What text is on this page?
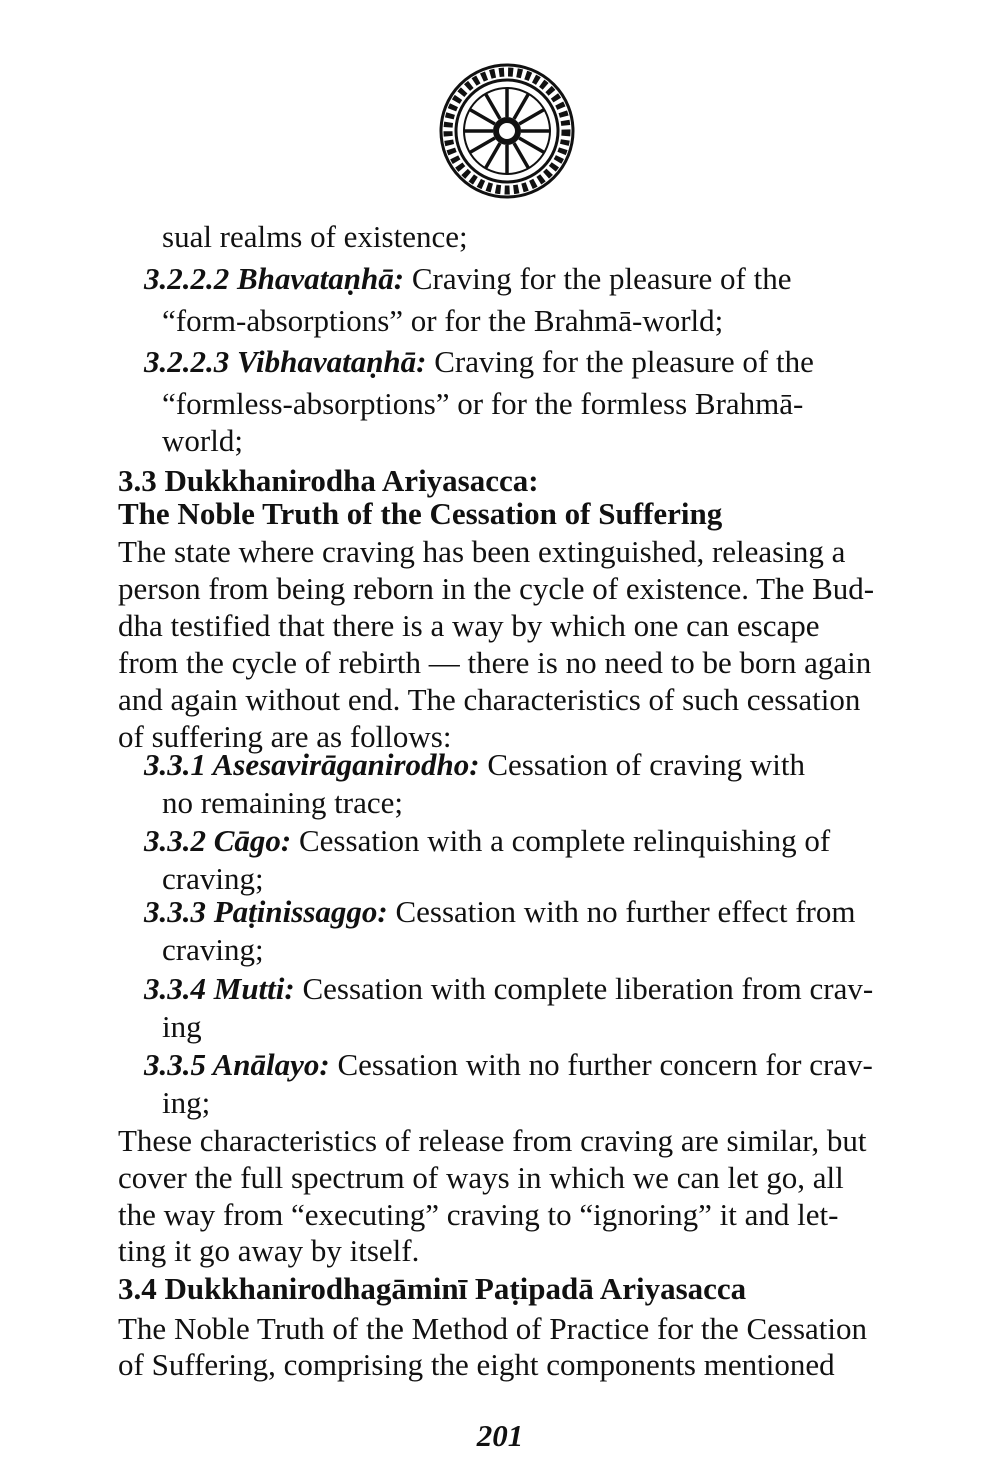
sual realms of existence;
3.2.2.2 Bhavataṇhā: Craving for the pleasure of the
“form-absorptions” or for the Brahmā-world;
3.2.2.3 Vibhavataṇhā: Craving for the pleasure of the
“formless-absorptions” or for the formless Brahmā-
world;
3.3 Dukkhanirodha Ariyasacca:
The Noble Truth of the Cessation of Suffering
The state where craving has been extinguished, releasing a
person from being reborn in the cycle of existence. The Bud-
dha testified that there is a way by which one can escape
from the cycle of rebirth — there is no need to be born again
and again without end. The characteristics of such cessation
of suffering are as follows:
3.3.1 Asesavirāganirodho: Cessation of craving with
no remaining trace;
3.3.2 Cāgo: Cessation with a complete relinquishing of
craving;
3.3.3 Paṭinissaggo: Cessation with no further effect from
craving;
3.3.4 Mutti: Cessation with complete liberation from crav-
ing
3.3.5 Anālayo: Cessation with no further concern for crav-
ing;
These characteristics of release from craving are similar, but
cover the full spectrum of ways in which we can let go, all
the way from “executing” craving to “ignoring” it and let-
ting it go away by itself.
3.4 Dukkhanirodhagāminī Paṭipadā Ariyasacca
The Noble Truth of the Method of Practice for the Cessation
of Suffering, comprising the eight components mentioned
201
